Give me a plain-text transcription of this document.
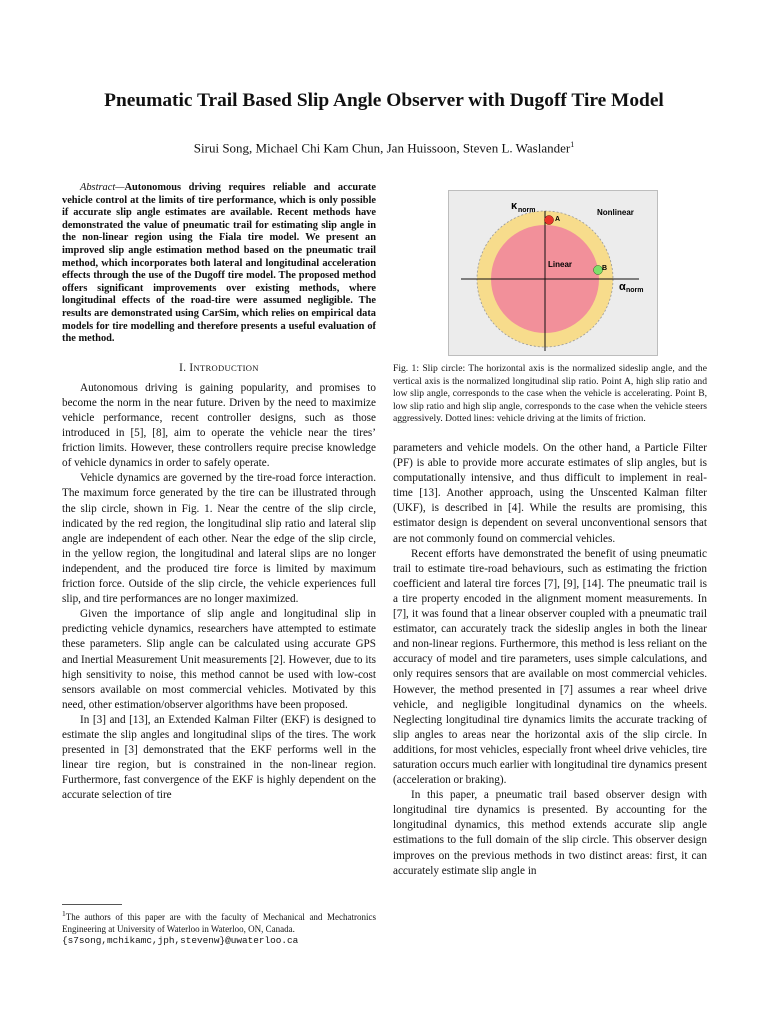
Pneumatic Trail Based Slip Angle Observer with Dugoff Tire Model
Sirui Song, Michael Chi Kam Chun, Jan Huissoon, Steven L. Waslander$^1$

Abstract—Autonomous driving requires reliable and accurate vehicle control at the limits of tire performance, which is only possible if accurate slip angle estimates are available. Recent methods have demonstrated the value of pneumatic trail for estimating slip angle in the non-linear region using the Fiala tire model. We present an improved slip angle estimation method based on the pneumatic trail method, which incorporates both lateral and longitudinal acceleration effects through the use of the Dugoff tire model. The proposed method offers significant improvements over existing methods, where longitudinal effects of the road-tire were assumed negligible. The results are demonstrated using CarSim, which relies on empirical data models for tire modelling and therefore presents a useful evaluation of the method.

I. INTRODUCTION

Autonomous driving is gaining popularity, and promises to become the norm in the near future. Driven by the need to maximize vehicle performance, recent controller designs, such as those introduced in [5], [8], aim to operate the vehicle near the tires’ friction limits. However, these controllers require precise knowledge of vehicle dynamics in order to safely operate.

Vehicle dynamics are governed by the tire-road force interaction. The maximum force generated by the tire can be illustrated through the slip circle, shown in Fig. 1. Near the centre of the slip circle, indicated by the red region, the longitudinal slip ratio and lateral slip angle are independent of each other. Near the edge of the slip circle, in the yellow region, the longitudinal and lateral slips are no longer independent, and the produced tire force is limited by maximum friction force. Outside of the slip circle, the vehicle experiences full slip, and tire performances are no longer maximized.

Given the importance of slip angle and longitudinal slip in predicting vehicle dynamics, researchers have attempted to estimate these parameters. Slip angle can be calculated using accurate GPS and Inertial Measurement Unit measurements [2]. However, due to its high sensitivity to noise, this method cannot be used with low-cost sensors available on most commercial vehicles. Motivated by this need, other estimation/observer algorithms have been proposed.

In [3] and [13], an Extended Kalman Filter (EKF) is designed to estimate the slip angles and longitudinal slips of the tires. The work presented in [3] demonstrated that the EKF performs well in the linear tire region, but is constrained in the non-linear region. Furthermore, fast convergence of the EKF is highly dependent on the accurate selection of tire

$^1$The authors of this paper are with the faculty of Mechanical and Mechatronics Engineering at University of Waterloo in Waterloo, ON, Canada.
{s7song,mchikamc,jph,stevenw}@uwaterloo.ca
κ norm
α norm
Nonlinear
Linear
A
B
Fig. 1: Slip circle: The horizontal axis is the normalized sideslip angle, and the vertical axis is the normalized longitudinal slip ratio. Point A, high slip ratio and low slip angle, corresponds to the case when the vehicle is accelerating. Point B, low slip ratio and high slip angle, corresponds to the case when the vehicle steers aggressively. Dotted lines: vehicle driving at the limits of friction.

parameters and vehicle models. On the other hand, a Particle Filter (PF) is able to provide more accurate estimates of slip angles, but is computationally intensive, and thus difficult to implement in real-time [13]. Another approach, using the Unscented Kalman filter (UKF), is described in [4]. While the results are promising, this estimator design is dependent on several unconventional sensors that are not commonly found on commercial vehicles.

Recent efforts have demonstrated the benefit of using pneumatic trail to estimate tire-road behaviours, such as estimating the friction coefficient and lateral tire forces [7], [9], [14]. The pneumatic trail is a tire property encoded in the alignment moment measurements. In [7], it was found that a linear observer coupled with a pneumatic trail estimator, can accurately track the sideslip angles in both the linear and non-linear regions. Furthermore, this method is less reliant on the accuracy of model and tire parameters, uses simple calculations, and only requires sensors that are available on most commercial vehicles. However, the method presented in [7] assumes a rear wheel drive vehicle, and negligible longitudinal dynamics on the wheels. Neglecting longitudinal tire dynamics limits the accurate tracking of slip angles to areas near the horizontal axis of the slip circle. In additions, for most vehicles, especially front wheel drive vehicles, tire saturation occurs much earlier with longitudinal tire dynamics present (acceleration or braking).

In this paper, a pneumatic trail based observer design with longitudinal tire dynamics is presented. By accounting for the longitudinal dynamics, this method extends accurate slip angle estimations to the full domain of the slip circle. This observer design improves on the previous methods in two distinct areas: first, it can accurately estimate slip angle in
